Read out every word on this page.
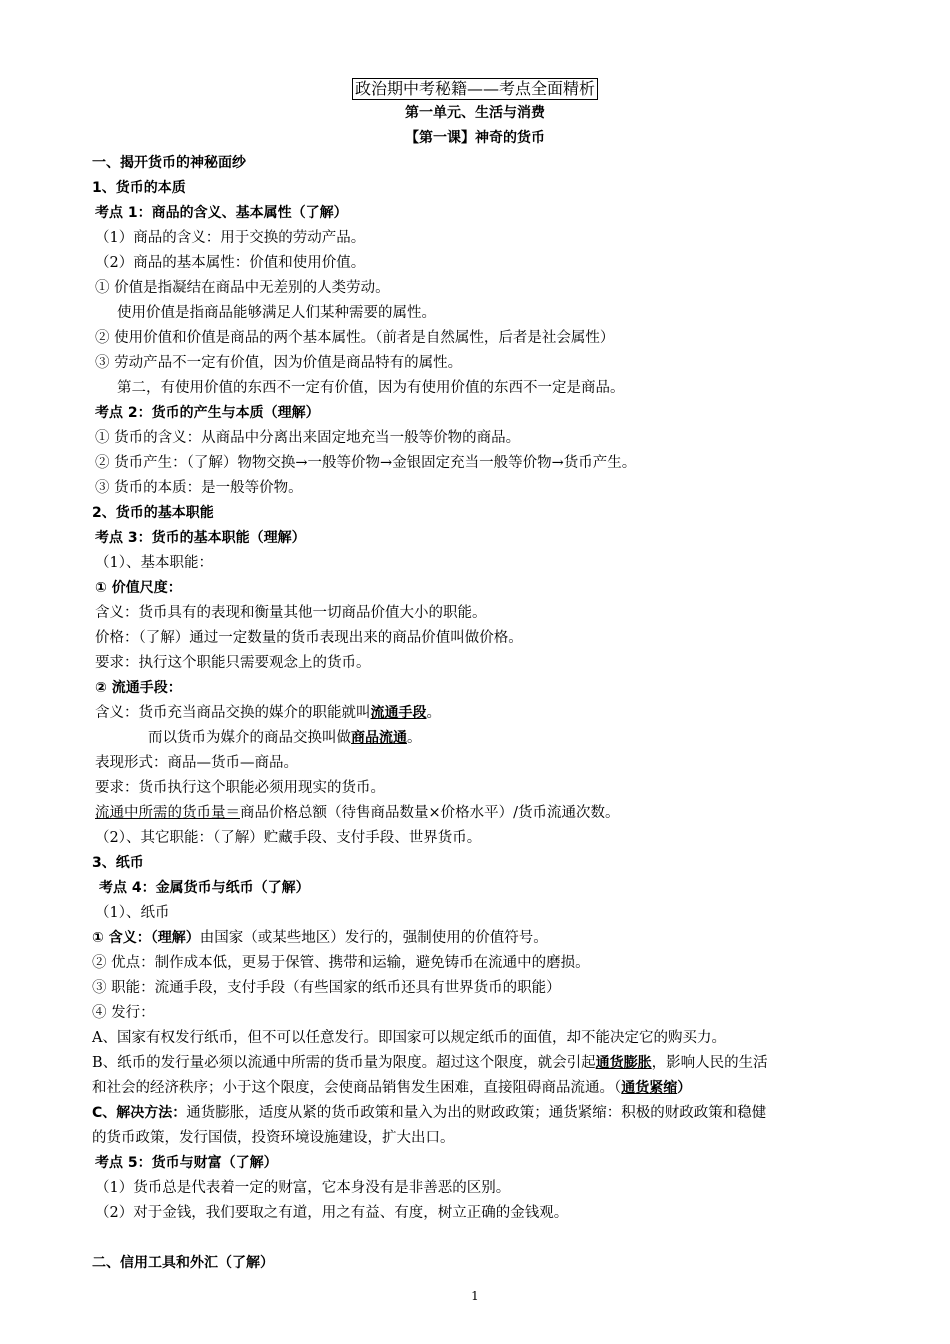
政治期中考秘籍——考点全面精析
第一单元、生活与消费
【第一课】神奇的货币
一、揭开货币的神秘面纱
1、货币的本质
考点 1：商品的含义、基本属性（了解）
（1）商品的含义：用于交换的劳动产品。
（2）商品的基本属性：价值和使用价值。
① 价值是指凝结在商品中无差别的人类劳动。
使用价值是指商品能够满足人们某种需要的属性。
② 使用价值和价值是商品的两个基本属性。（前者是自然属性，后者是社会属性）
③ 劳动产品不一定有价值，因为价值是商品特有的属性。
第二，有使用价值的东西不一定有价值，因为有使用价值的东西不一定是商品。
考点 2：货币的产生与本质（理解）
① 货币的含义：从商品中分离出来固定地充当一般等价物的商品。
② 货币产生：（了解）物物交换→一般等价物→金银固定充当一般等价物→货币产生。
③ 货币的本质：是一般等价物。
2、货币的基本职能
考点 3：货币的基本职能（理解）
（1）、基本职能：
① 价值尺度：
含义：货币具有的表现和衡量其他一切商品价值大小的职能。
价格：（了解）通过一定数量的货币表现出来的商品价值叫做价格。
要求：执行这个职能只需要观念上的货币。
② 流通手段：
含义：货币充当商品交换的媒介的职能就叫流通手段。
而以货币为媒介的商品交换叫做商品流通。
表现形式：商品—货币—商品。
要求：货币执行这个职能必须用现实的货币。
流通中所需的货币量＝商品价格总额（待售商品数量×价格水平）/货币流通次数。
（2）、其它职能：（了解）贮藏手段、支付手段、世界货币。
3、纸币
考点 4：金属货币与纸币（了解）
（1）、纸币
① 含义：（理解）由国家（或某些地区）发行的，强制使用的价值符号。
② 优点：制作成本低，更易于保管、携带和运输，避免铸币在流通中的磨损。
③ 职能：流通手段，支付手段（有些国家的纸币还具有世界货币的职能）
④ 发行：
A、国家有权发行纸币，但不可以任意发行。即国家可以规定纸币的面值，却不能决定它的购买力。
B、纸币的发行量必须以流通中所需的货币量为限度。超过这个限度，就会引起通货膨胀，影响人民的生活
和社会的经济秩序；小于这个限度，会使商品销售发生困难，直接阻碍商品流通。（通货紧缩）
C、解决方法：通货膨胀，适度从紧的货币政策和量入为出的财政政策；通货紧缩：积极的财政政策和稳健
的货币政策，发行国债，投资环境设施建设，扩大出口。
考点 5：货币与财富（了解）
（1）货币总是代表着一定的财富，它本身没有是非善恶的区别。
（2）对于金钱，我们要取之有道，用之有益、有度，树立正确的金钱观。
二、信用工具和外汇（了解）
1
